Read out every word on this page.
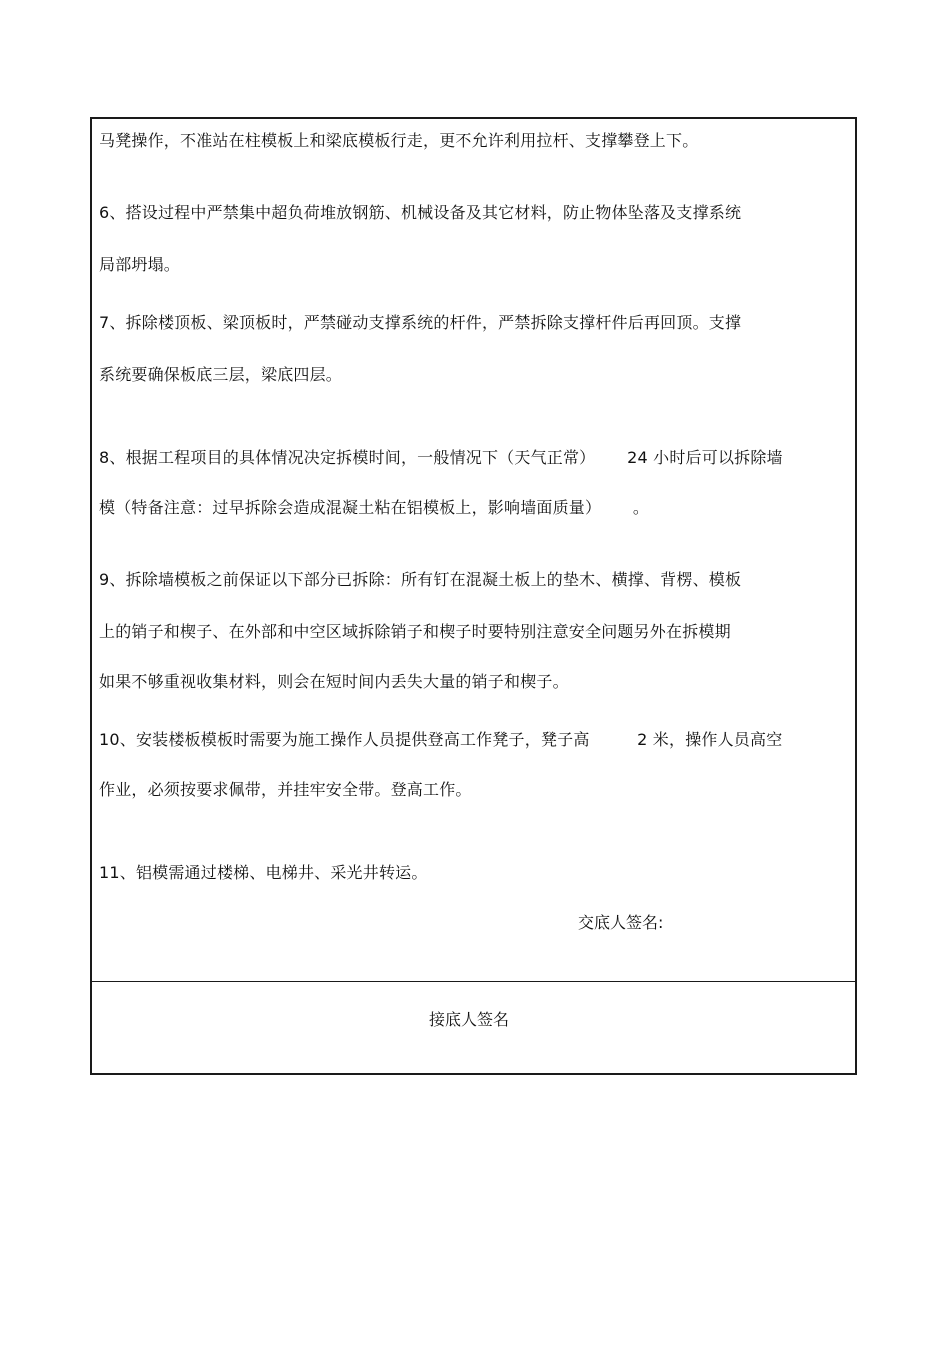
马凳操作，不准站在柱模板上和梁底模板行走，更不允许利用拉杆、支撑攀登上下。
6、搭设过程中严禁集中超负荷堆放钢筋、机械设备及其它材料，防止物体坠落及支撑系统
局部坍塌。
7、拆除楼顶板、梁顶板时，严禁碰动支撑系统的杆件，严禁拆除支撑杆件后再回顶。支撑
系统要确保板底三层，梁底四层。
8、根据工程项目的具体情况决定拆模时间，一般情况下（天气正常）      24 小时后可以拆除墙
模（特备注意：过早拆除会造成混凝土粘在铝模板上，影响墙面质量）      。
9、拆除墙模板之前保证以下部分已拆除：所有钉在混凝土板上的垫木、横撑、背楞、模板
上的销子和楔子、在外部和中空区域拆除销子和楔子时要特别注意安全问题另外在拆模期
如果不够重视收集材料，则会在短时间内丢失大量的销子和楔子。
10、安装楼板模板时需要为施工操作人员提供登高工作凳子，凳子高         2 米，操作人员高空
作业，必须按要求佩带，并挂牢安全带。登高工作。
11、铝模需通过楼梯、电梯井、采光井转运。
交底人签名:
接底人签名
